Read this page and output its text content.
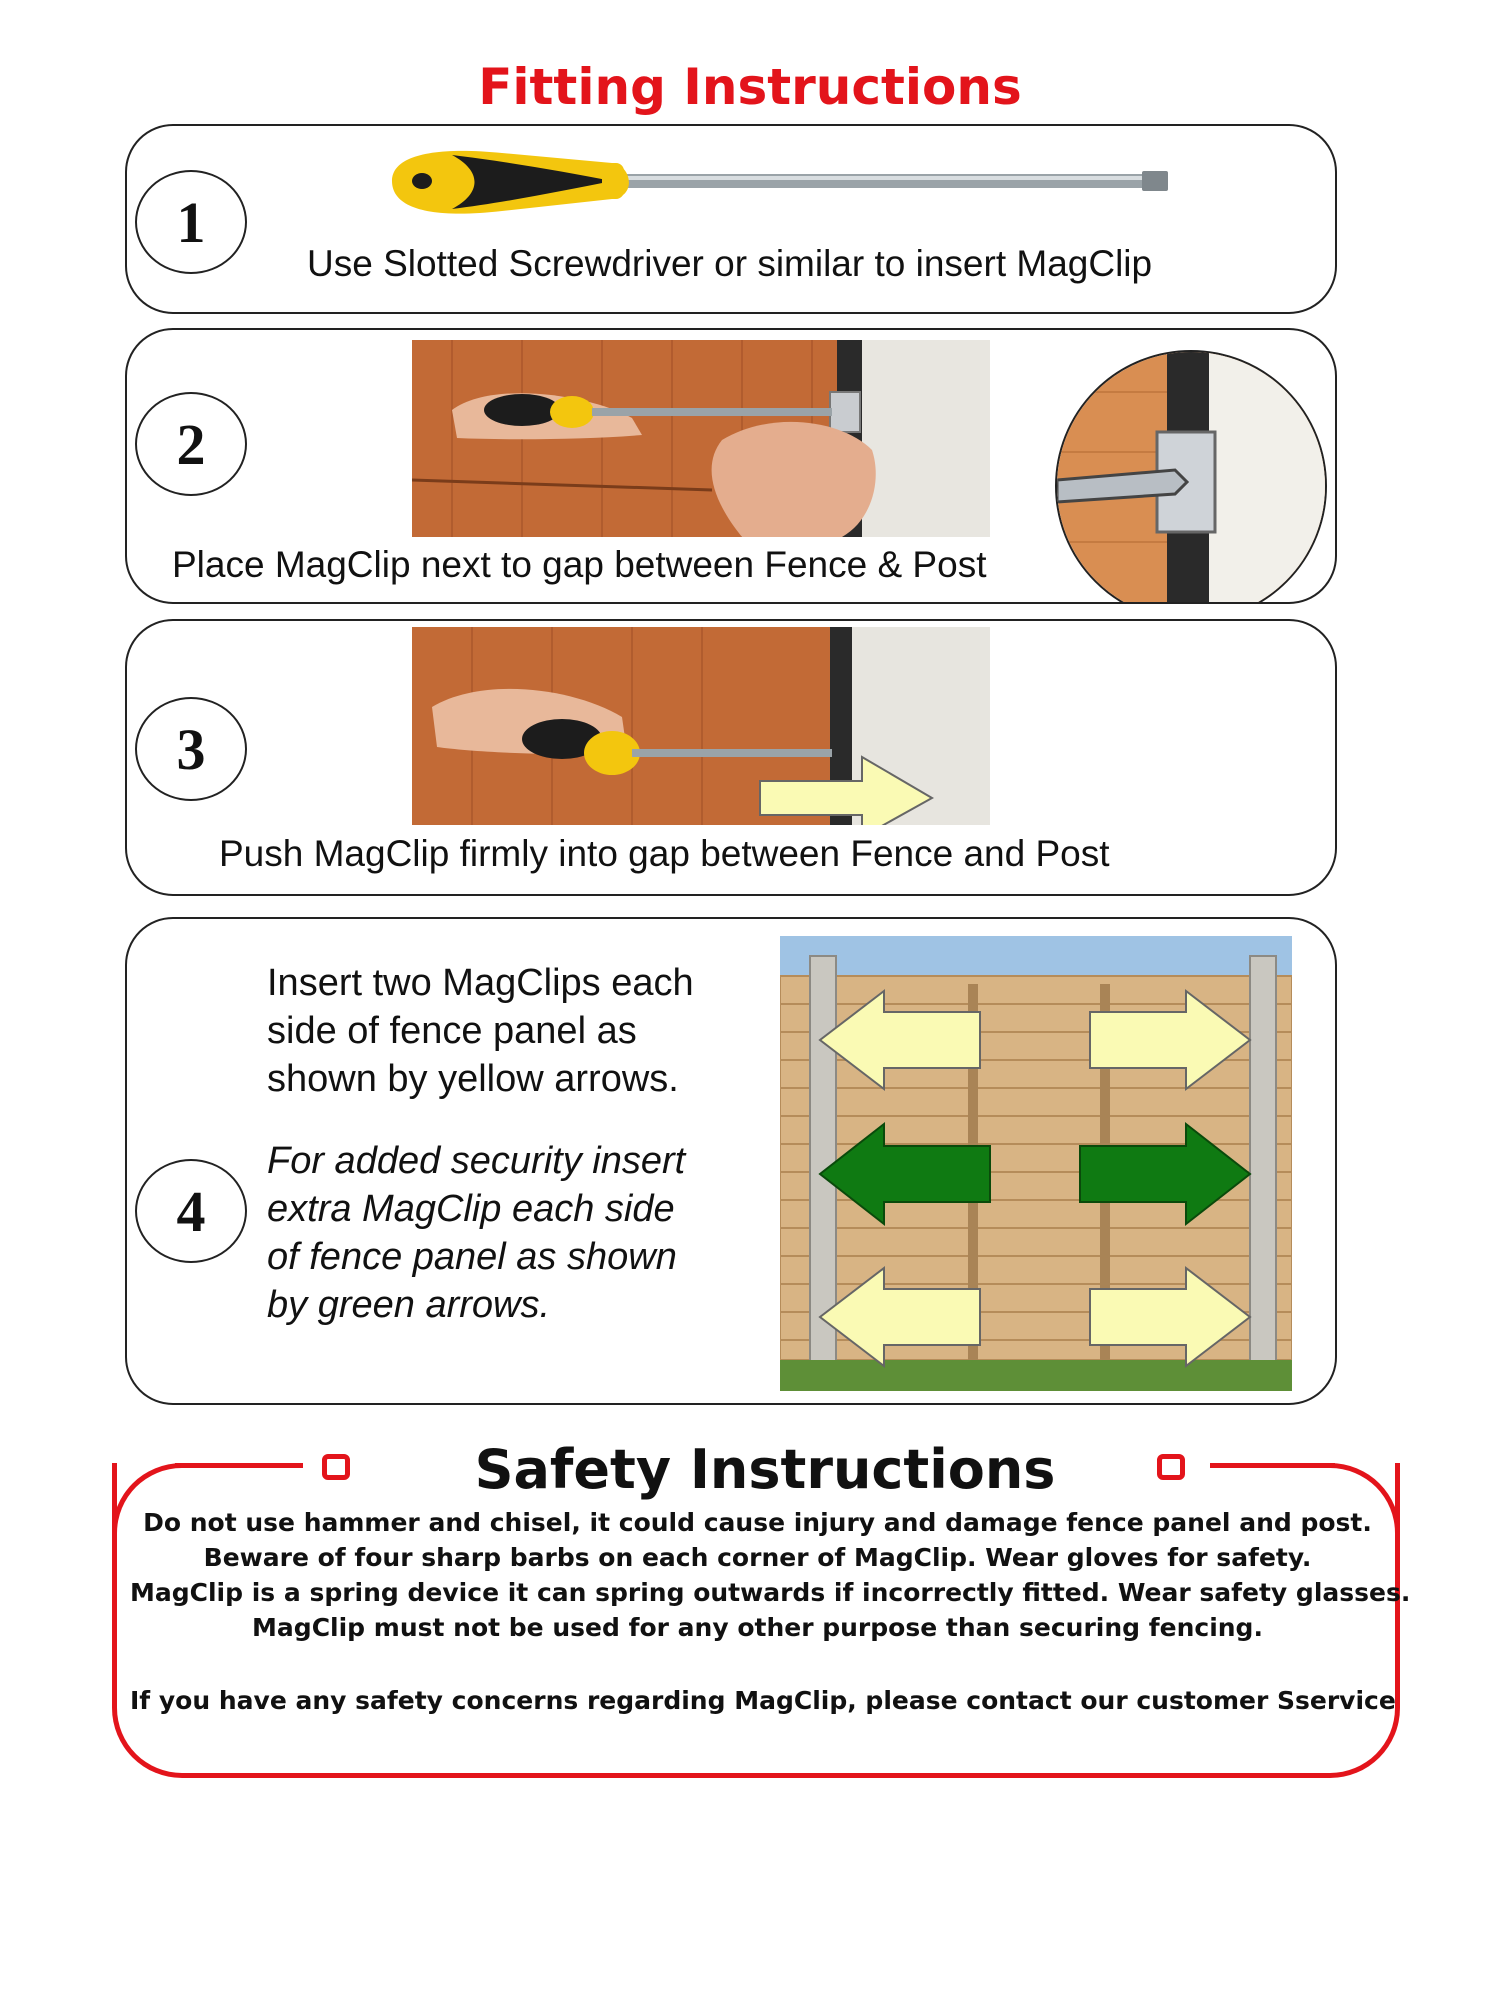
Fitting Instructions
1
Use Slotted Screwdriver or similar to insert MagClip
2
Place MagClip next to gap between Fence & Post
3
Push MagClip firmly into gap between Fence and Post
4
Insert two MagClips each
side of fence panel as
shown by yellow arrows.
For added security insert
extra MagClip each side
of fence panel as shown
by green arrows.
Safety Instructions
Do not use hammer and chisel, it could cause injury and damage fence panel and post.
Beware of four sharp barbs on each corner of MagClip. Wear gloves for safety.
MagClip is a spring device it can spring outwards if incorrectly fitted. Wear safety glasses.
MagClip must not be used for any other purpose than securing fencing.
If you have any safety concerns regarding MagClip, please contact our customer Sservice
